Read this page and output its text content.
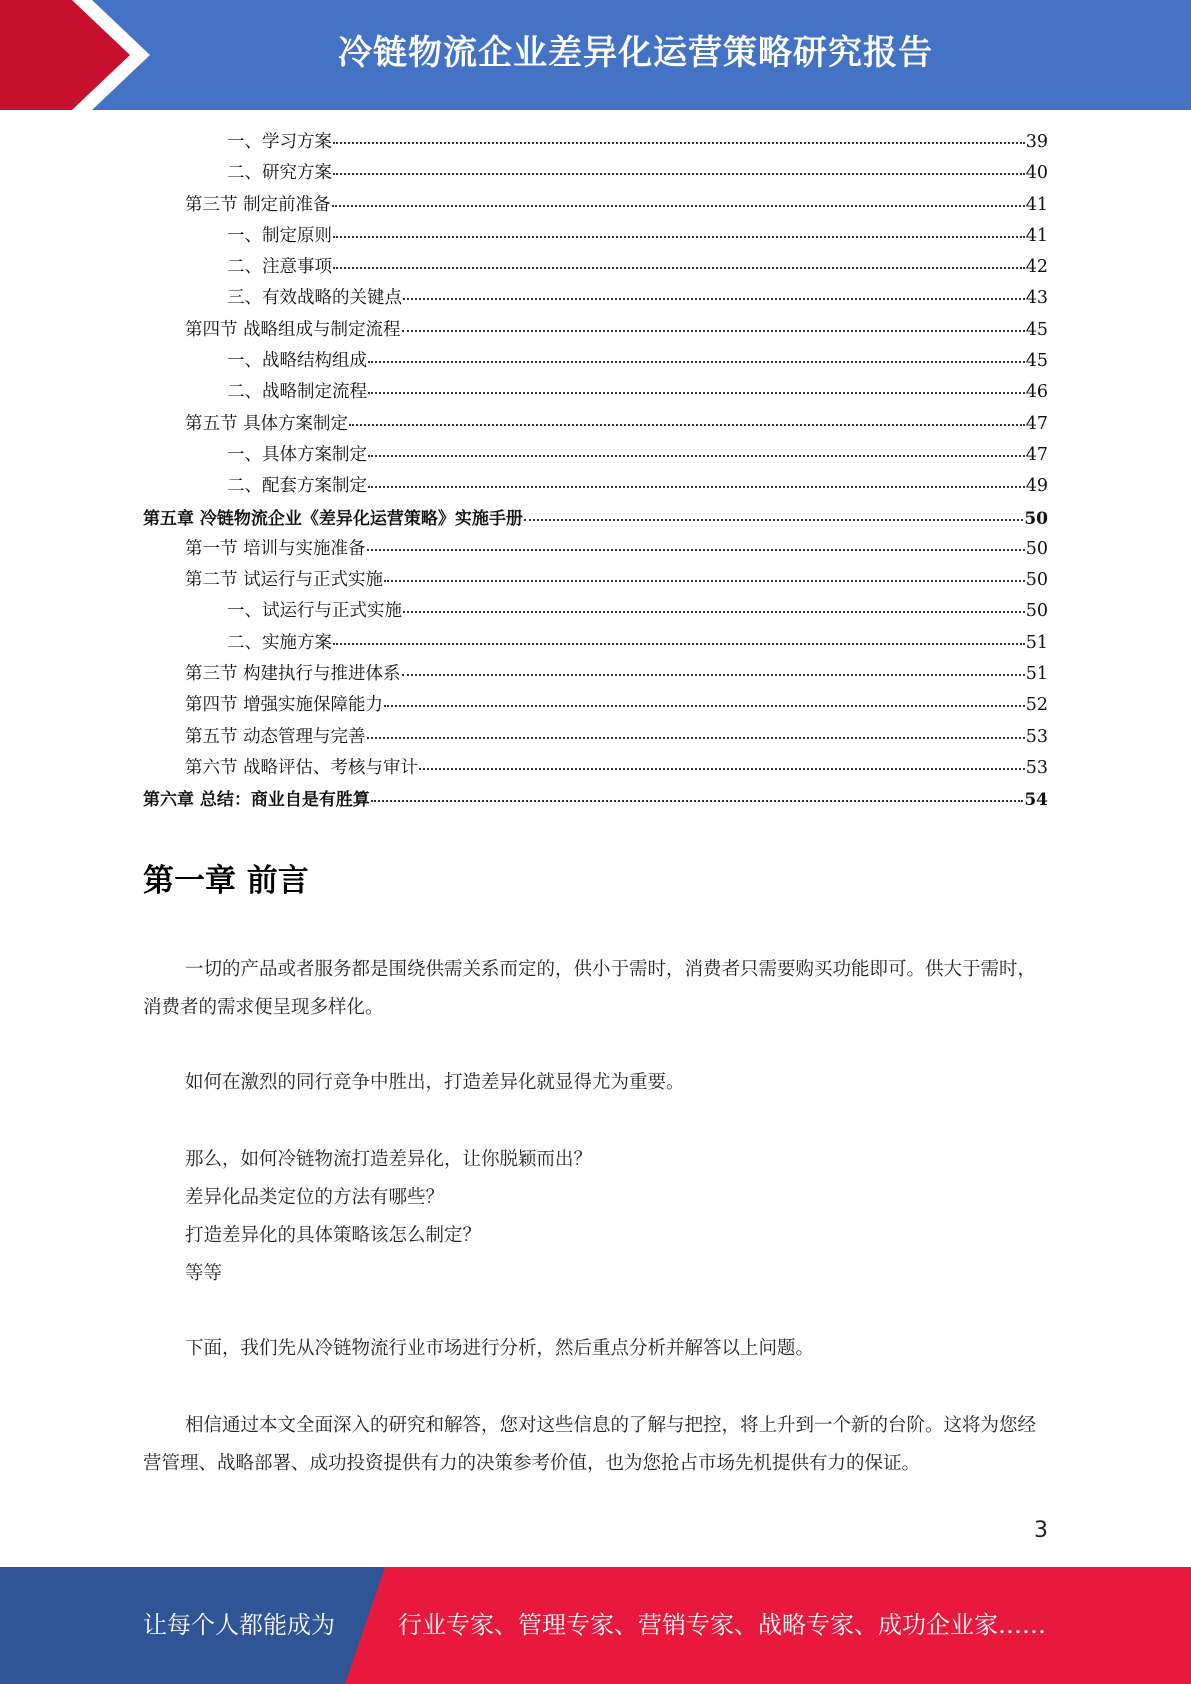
冷链物流企业差异化运营策略研究报告
一、学习方案	39
二、研究方案	40
第三节 制定前准备	41
一、制定原则	41
二、注意事项	42
三、有效战略的关键点	43
第四节 战略组成与制定流程	45
一、战略结构组成	45
二、战略制定流程	46
第五节 具体方案制定	47
一、具体方案制定	47
二、配套方案制定	49
第五章 冷链物流企业《差异化运营策略》实施手册	50
第一节 培训与实施准备	50
第二节 试运行与正式实施	50
一、试运行与正式实施	50
二、实施方案	51
第三节 构建执行与推进体系	51
第四节 增强实施保障能力	52
第五节 动态管理与完善	53
第六节 战略评估、考核与审计	53
第六章 总结：商业自是有胜算	54
第一章 前言
一切的产品或者服务都是围绕供需关系而定的，供小于需时，消费者只需要购买功能即可。供大于需时，消费者的需求便呈现多样化。
如何在激烈的同行竞争中胜出，打造差异化就显得尤为重要。
那么，如何冷链物流打造差异化，让你脱颖而出？
差异化品类定位的方法有哪些？
打造差异化的具体策略该怎么制定？
等等
下面，我们先从冷链物流行业市场进行分析，然后重点分析并解答以上问题。
相信通过本文全面深入的研究和解答，您对这些信息的了解与把控，将上升到一个新的台阶。这将为您经营管理、战略部署、成功投资提供有力的决策参考价值，也为您抢占市场先机提供有力的保证。
3
让每个人都能成为	行业专家、管理专家、营销专家、战略专家、成功企业家……
